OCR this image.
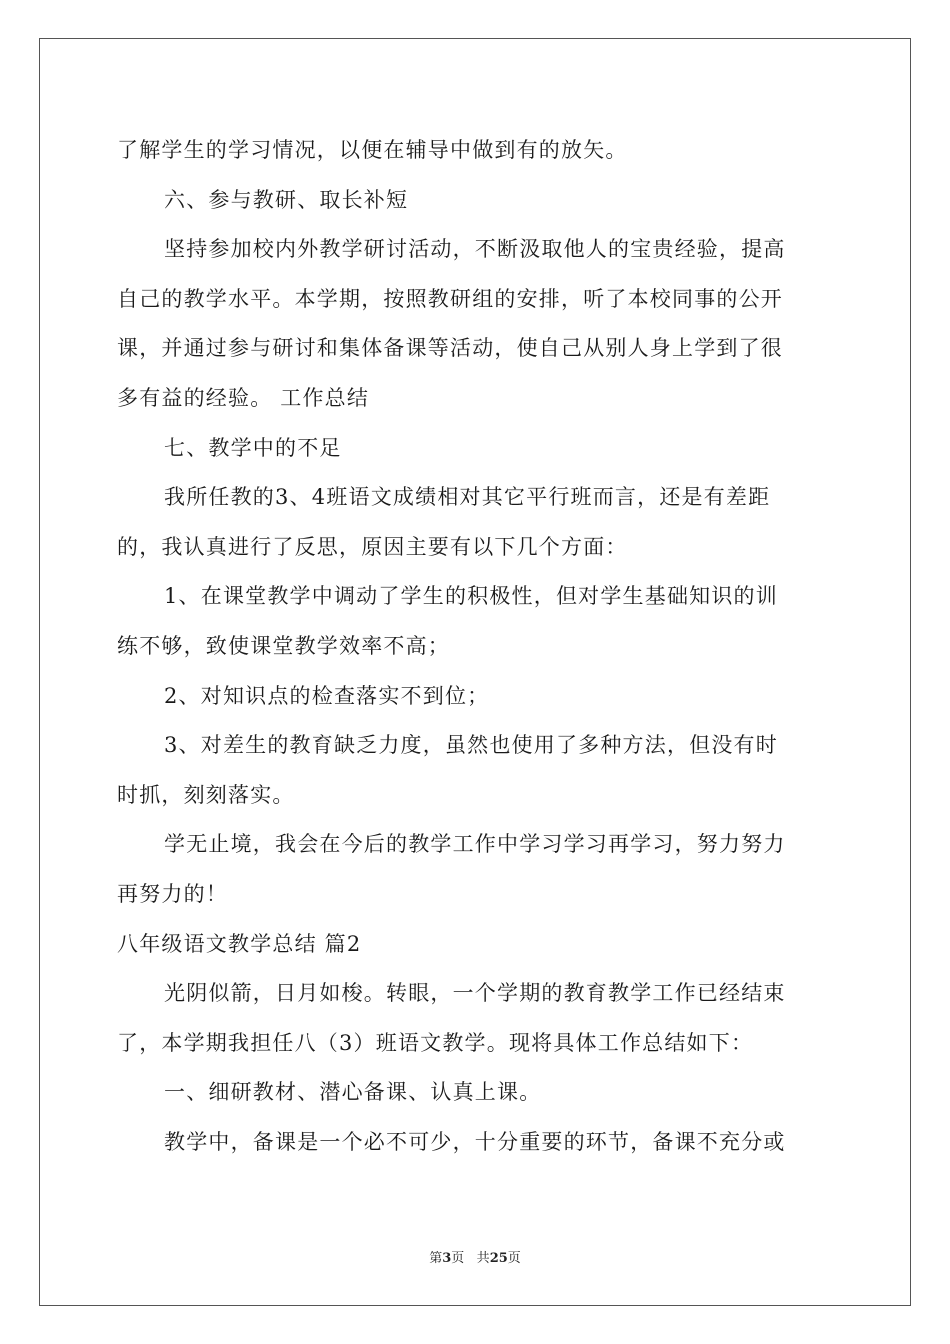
了解学生的学习情况，以便在辅导中做到有的放矢。
六、参与教研、取长补短
坚持参加校内外教学研讨活动，不断汲取他人的宝贵经验，提高
自己的教学水平。本学期，按照教研组的安排，听了本校同事的公开
课，并通过参与研讨和集体备课等活动，使自己从别人身上学到了很
多有益的经验。 工作总结
七、教学中的不足
我所任教的3、4班语文成绩相对其它平行班而言，还是有差距
的，我认真进行了反思，原因主要有以下几个方面：
1、在课堂教学中调动了学生的积极性，但对学生基础知识的训
练不够，致使课堂教学效率不高；
2、对知识点的检查落实不到位；
3、对差生的教育缺乏力度，虽然也使用了多种方法，但没有时
时抓，刻刻落实。
学无止境，我会在今后的教学工作中学习学习再学习，努力努力
再努力的！
八年级语文教学总结 篇2
光阴似箭，日月如梭。转眼，一个学期的教育教学工作已经结束
了，本学期我担任八（3）班语文教学。现将具体工作总结如下：
一、细研教材、潜心备课、认真上课。
教学中，备课是一个必不可少，十分重要的环节，备课不充分或
第3页 共25页
